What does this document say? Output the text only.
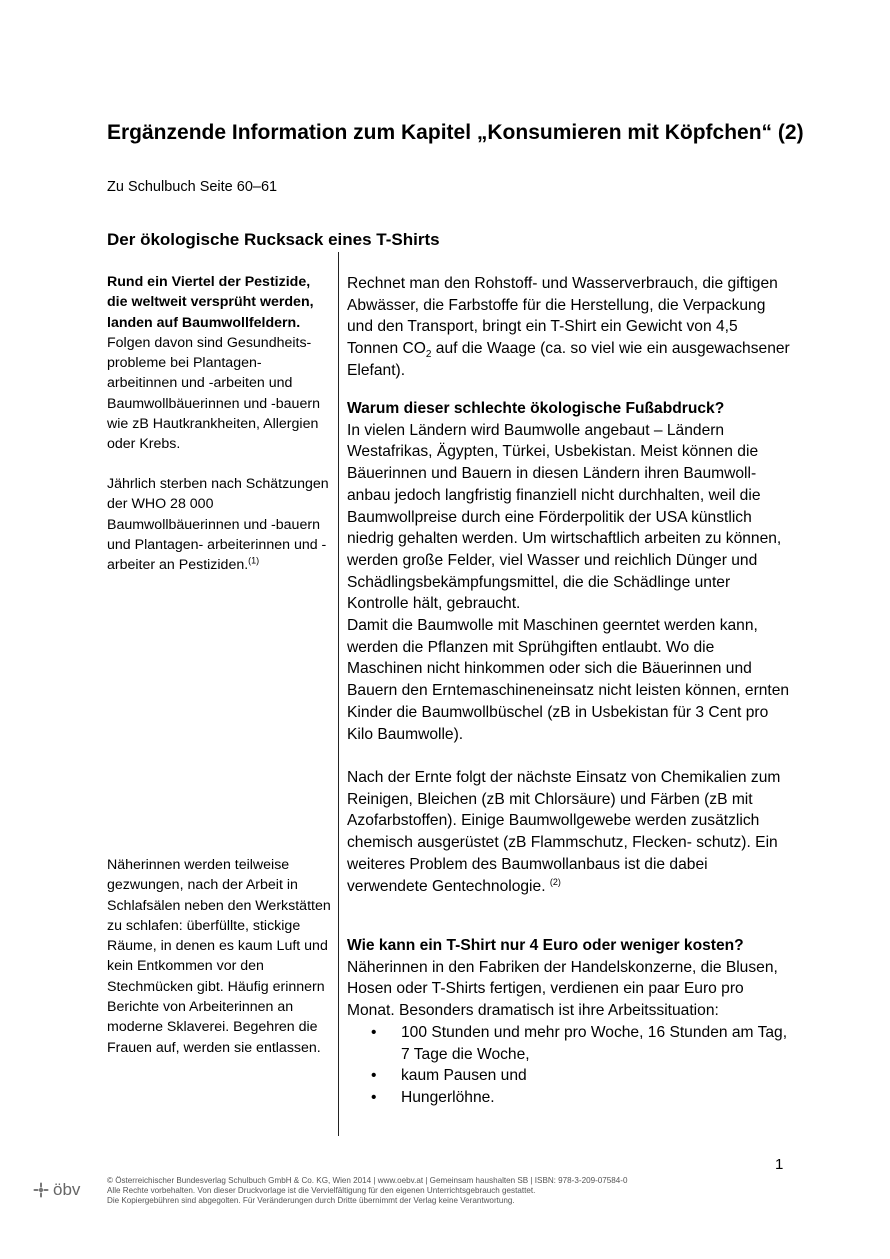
Ergänzende Information zum Kapitel „Konsumieren mit Köpfchen“ (2)
Zu Schulbuch Seite 60–61
Der ökologische Rucksack eines T-Shirts

Rund ein Viertel der Pestizide, die weltweit versprüht werden, landen auf Baumwollfeldern. Folgen davon sind Gesundheits- probleme bei Plantagen- arbeitinnen und -arbeiten und Baumwollbäuerinnen und -bauern wie zB Hautkrankheiten, Allergien oder Krebs.

Jährlich sterben nach Schätzungen der WHO 28 000 Baumwollbäuerinnen und -bauern und Plantagen- arbeiterinnen und -arbeiter an Pestiziden.$^{(1)}$

Näherinnen werden teilweise gezwungen, nach der Arbeit in Schlafsälen neben den Werkstätten zu schlafen: überfüllte, stickige Räume, in denen es kaum Luft und kein Entkommen vor den Stechmücken gibt. Häufig erinnern Berichte von Arbeiterinnen an moderne Sklaverei. Begehren die Frauen auf, werden sie entlassen.

Rechnet man den Rohstoff- und Wasserverbrauch, die giftigen Abwässer, die Farbstoffe für die Herstellung, die Verpackung und den Transport, bringt ein T-Shirt ein Gewicht von 4,5 Tonnen $CO_2$ auf die Waage (ca. so viel wie ein ausgewachsener Elefant).

Warum dieser schlechte ökologische Fußabdruck?

In vielen Ländern wird Baumwolle angebaut – Ländern Westafrikas, Ägypten, Türkei, Usbekistan. Meist können die Bäuerinnen und Bauern in diesen Ländern ihren Baumwoll- anbau jedoch langfristig finanziell nicht durchhalten, weil die Baumwollpreise durch eine Förderpolitik der USA künstlich niedrig gehalten werden. Um wirtschaftlich arbeiten zu können, werden große Felder, viel Wasser und reichlich Dünger und Schädlingsbekämpfungsmittel, die die Schädlinge unter Kontrolle hält, gebraucht.

Damit die Baumwolle mit Maschinen geerntet werden kann, werden die Pflanzen mit Sprühgiften entlaubt. Wo die Maschinen nicht hinkommen oder sich die Bäuerinnen und Bauern den Erntemaschineneinsatz nicht leisten können, ernten Kinder die Baumwollbüschel (zB in Usbekistan für 3 Cent pro Kilo Baumwolle).

Nach der Ernte folgt der nächste Einsatz von Chemikalien zum Reinigen, Bleichen (zB mit Chlorsäure) und Färben (zB mit Azofarbstoffen). Einige Baumwollgewebe werden zusätzlich chemisch ausgerüstet (zB Flammschutz, Flecken- schutz). Ein weiteres Problem des Baumwollanbaus ist die dabei verwendete Gentechnologie. $^{(2)}$

Wie kann ein T-Shirt nur 4 Euro oder weniger kosten?

Näherinnen in den Fabriken der Handelskonzerne, die Blusen, Hosen oder T-Shirts fertigen, verdienen ein paar Euro pro Monat. Besonders dramatisch ist ihre Arbeitssituation:

• 100 Stunden und mehr pro Woche, 16 Stunden am Tag, 7 Tage die Woche,
• kaum Pausen und
• Hungerlöhne.
1
öbv	© Österreichischer Bundesverlag Schulbuch GmbH & Co. KG, Wien 2014 | www.oebv.at | Gemeinsam haushalten SB | ISBN: 978-3-209-07584-0
Alle Rechte vorbehalten. Von dieser Druckvorlage ist die Vervielfältigung für den eigenen Unterrichtsgebrauch gestattet.
Die Kopiergebühren sind abgegolten. Für Veränderungen durch Dritte übernimmt der Verlag keine Verantwortung.
